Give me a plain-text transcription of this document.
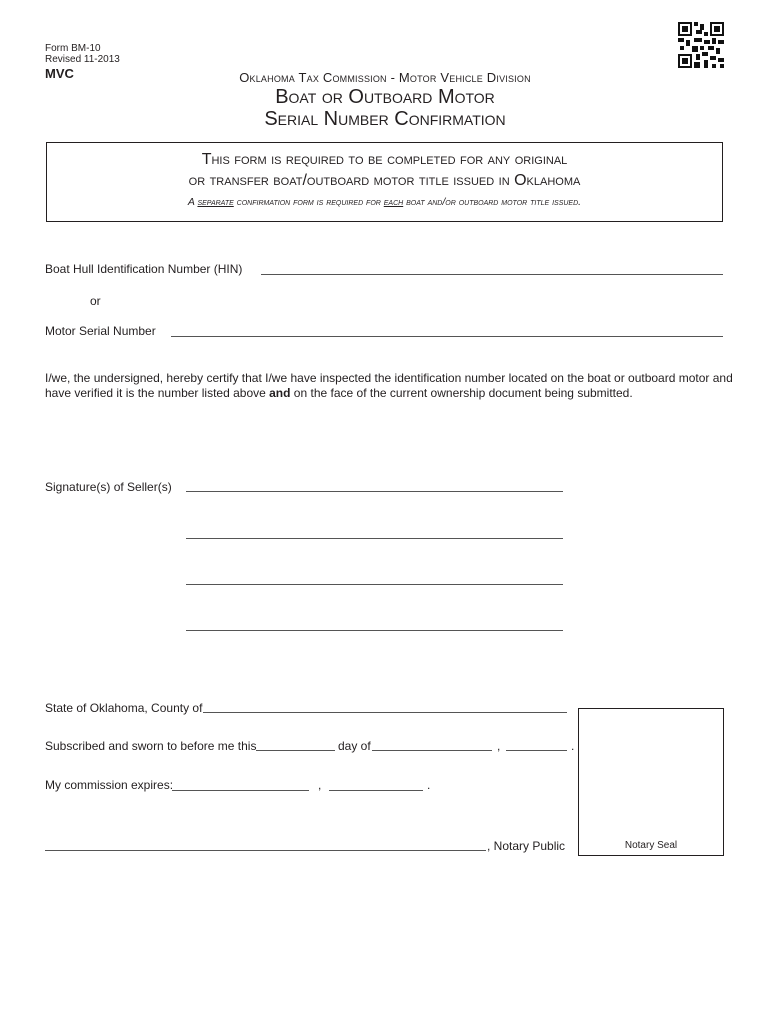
Form BM-10
Revised 11-2013
MVC	Oklahoma Tax Commission - Motor Vehicle Division
Boat or Outboard Motor
Serial Number Confirmation
This form is required to be completed for any original
or transfer boat/outboard motor title issued in Oklahoma
A separate confirmation form is required for each boat and/or outboard motor title issued.
Boat Hull Identification Number (HIN)
or
Motor Serial Number
I/we, the undersigned, hereby certify that I/we have inspected the identification number located on the boat or outboard motor and have verified it is the number listed above and on the face of the current ownership document being submitted.
Signature(s) of Seller(s)
State of Oklahoma, County of
Subscribed and sworn to before me this	day of	,	.
My commission expires:	,	.
, Notary Public	Notary Seal
